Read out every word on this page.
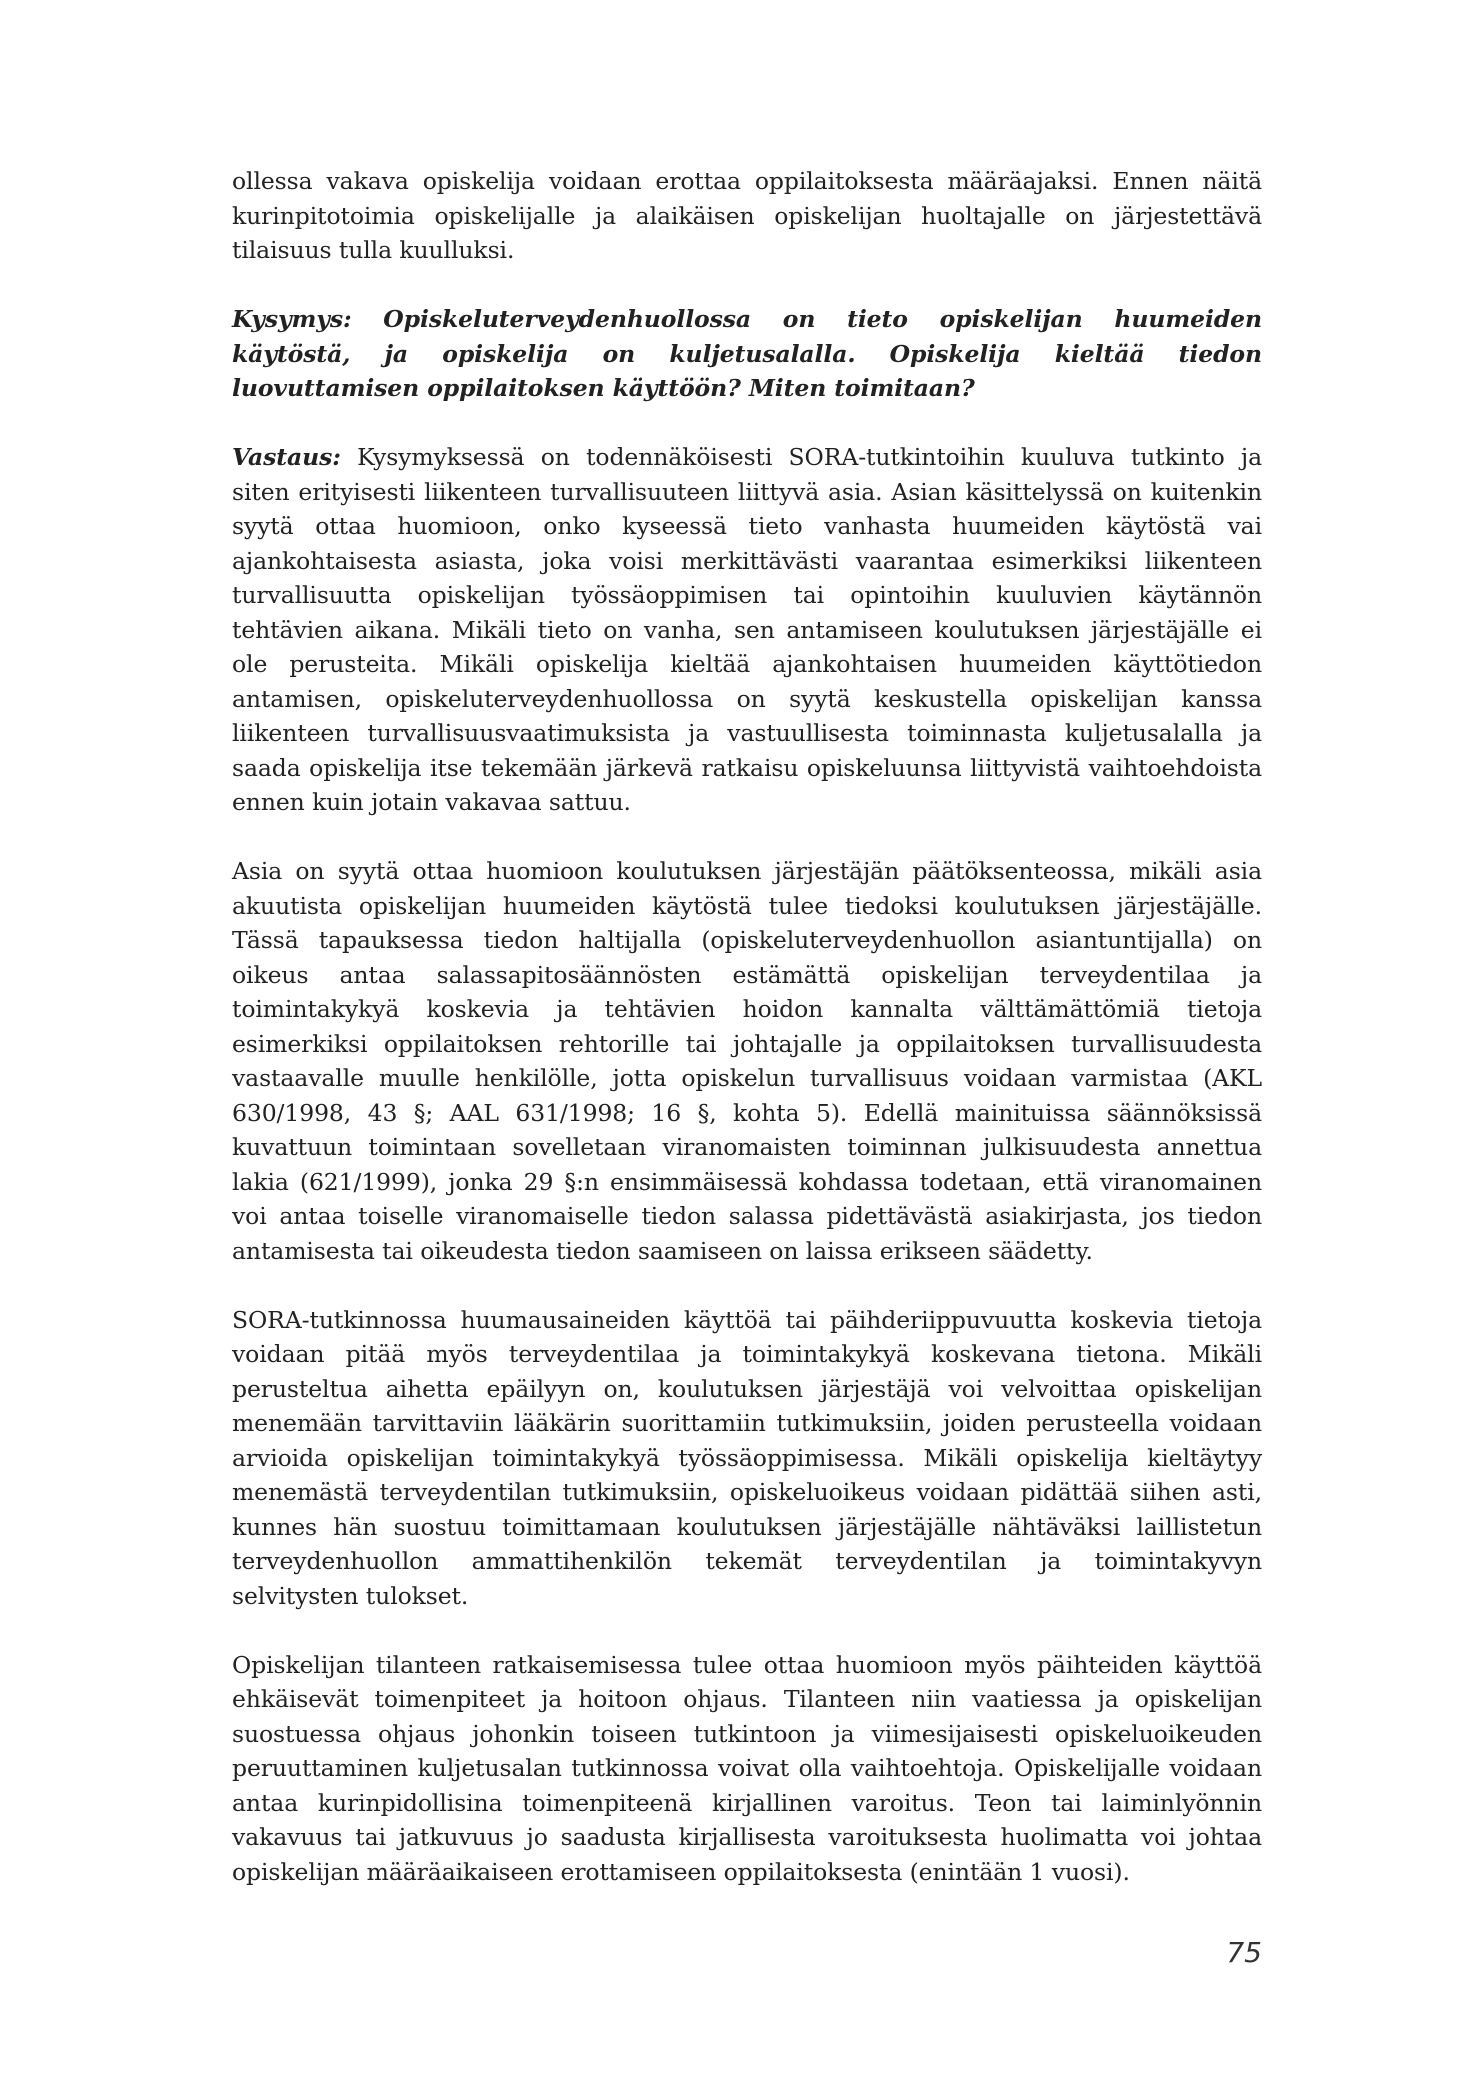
ollessa vakava opiskelija voidaan erottaa oppilaitoksesta määräajaksi. Ennen näitä kurinpitotoimia opiskelijalle ja alaikäisen opiskelijan huoltajalle on järjestettävä tilaisuus tulla kuulluksi.

Kysymys: Opiskeluterveydenhuollossa on tieto opiskelijan huumeiden käytöstä, ja opiskelija on kuljetusalalla. Opiskelija kieltää tiedon luovuttamisen oppilaitoksen käyttöön? Miten toimitaan?

Vastaus: Kysymyksessä on todennäköisesti SORA-tutkintoihin kuuluva tutkinto ja siten erityisesti liikenteen turvallisuuteen liittyvä asia. Asian käsittelyssä on kuitenkin syytä ottaa huomioon, onko kyseessä tieto vanhasta huumeiden käytöstä vai ajankohtaisesta asiasta, joka voisi merkittävästi vaarantaa esimerkiksi liikenteen turvallisuutta opiskelijan työssäoppimisen tai opintoihin kuuluvien käytännön tehtävien aikana. Mikäli tieto on vanha, sen antamiseen koulutuksen järjestäjälle ei ole perusteita. Mikäli opiskelija kieltää ajankohtaisen huumeiden käyttötiedon antamisen, opiskeluterveydenhuollossa on syytä keskustella opiskelijan kanssa liikenteen turvallisuusvaatimuksista ja vastuullisesta toiminnasta kuljetusalalla ja saada opiskelija itse tekemään järkevä ratkaisu opiskeluunsa liittyvistä vaihtoehdoista ennen kuin jotain vakavaa sattuu.

Asia on syytä ottaa huomioon koulutuksen järjestäjän päätöksenteossa, mikäli asia akuutista opiskelijan huumeiden käytöstä tulee tiedoksi koulutuksen järjestäjälle. Tässä tapauksessa tiedon haltijalla (opiskeluterveydenhuollon asiantuntijalla) on oikeus antaa salassapitosäännösten estämättä opiskelijan terveydentilaa ja toimintakykyä koskevia ja tehtävien hoidon kannalta välttämättömiä tietoja esimerkiksi oppilaitoksen rehtorille tai johtajalle ja oppilaitoksen turvallisuudesta vastaavalle muulle henkilölle, jotta opiskelun turvallisuus voidaan varmistaa (AKL 630/1998, 43 §; AAL 631/1998; 16 §, kohta 5). Edellä mainituissa säännöksissä kuvattuun toimintaan sovelletaan viranomaisten toiminnan julkisuudesta annettua lakia (621/1999), jonka 29 §:n ensimmäisessä kohdassa todetaan, että viranomainen voi antaa toiselle viranomaiselle tiedon salassa pidettävästä asiakirjasta, jos tiedon antamisesta tai oikeudesta tiedon saamiseen on laissa erikseen säädetty.

SORA-tutkinnossa huumausaineiden käyttöä tai päihderiippuvuutta koskevia tietoja voidaan pitää myös terveydentilaa ja toimintakykyä koskevana tietona. Mikäli perusteltua aihetta epäilyyn on, koulutuksen järjestäjä voi velvoittaa opiskelijan menemään tarvittaviin lääkärin suorittamiin tutkimuksiin, joiden perusteella voidaan arvioida opiskelijan toimintakykyä työssäoppimisessa. Mikäli opiskelija kieltäytyy menemästä terveydentilan tutkimuksiin, opiskeluoikeus voidaan pidättää siihen asti, kunnes hän suostuu toimittamaan koulutuksen järjestäjälle nähtäväksi laillistetun terveydenhuollon ammattihenkilön tekemät terveydentilan ja toimintakyvyn selvitysten tulokset.

Opiskelijan tilanteen ratkaisemisessa tulee ottaa huomioon myös päihteiden käyttöä ehkäisevät toimenpiteet ja hoitoon ohjaus. Tilanteen niin vaatiessa ja opiskelijan suostuessa ohjaus johonkin toiseen tutkintoon ja viimesijaisesti opiskeluoikeuden peruuttaminen kuljetusalan tutkinnossa voivat olla vaihtoehtoja. Opiskelijalle voidaan antaa kurinpidollisina toimenpiteenä kirjallinen varoitus. Teon tai laiminlyönnin vakavuus tai jatkuvuus jo saadusta kirjallisesta varoituksesta huolimatta voi johtaa opiskelijan määräaikaiseen erottamiseen oppilaitoksesta (enintään 1 vuosi).

75
